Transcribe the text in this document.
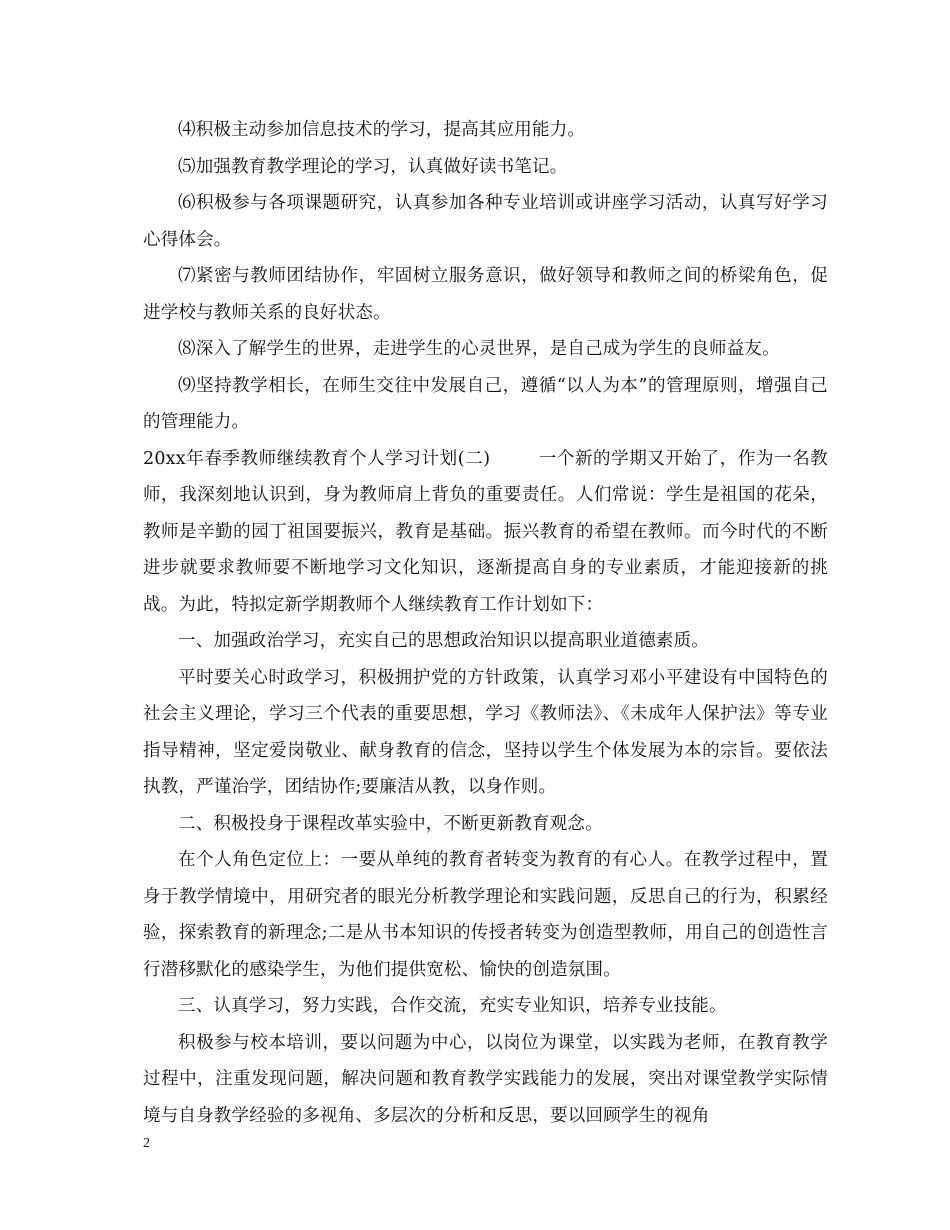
⑷积极主动参加信息技术的学习，提高其应用能力。

⑸加强教育教学理论的学习，认真做好读书笔记。

⑹积极参与各项课题研究，认真参加各种专业培训或讲座学习活动，认真写好学习心得体会。

⑺紧密与教师团结协作，牢固树立服务意识，做好领导和教师之间的桥梁角色，促进学校与教师关系的良好状态。

⑻深入了解学生的世界，走进学生的心灵世界，是自己成为学生的良师益友。

⑼坚持教学相长，在师生交往中发展自己，遵循“以人为本”的管理原则，增强自己的管理能力。

20xx年春季教师继续教育个人学习计划(二)	一个新的学期又开始了，作为一名教师，我深刻地认识到，身为教师肩上背负的重要责任。人们常说：学生是祖国的花朵，教师是辛勤的园丁祖国要振兴，教育是基础。振兴教育的希望在教师。而今时代的不断进步就要求教师要不断地学习文化知识，逐渐提高自身的专业素质，才能迎接新的挑战。为此，特拟定新学期教师个人继续教育工作计划如下：

一、加强政治学习，充实自己的思想政治知识以提高职业道德素质。

平时要关心时政学习，积极拥护党的方针政策，认真学习邓小平建设有中国特色的社会主义理论，学习三个代表的重要思想，学习《教师法》、《未成年人保护法》等专业指导精神，坚定爱岗敬业、献身教育的信念，坚持以学生个体发展为本的宗旨。要依法执教，严谨治学，团结协作;要廉洁从教，以身作则。

二、积极投身于课程改革实验中，不断更新教育观念。

在个人角色定位上：一要从单纯的教育者转变为教育的有心人。在教学过程中，置身于教学情境中，用研究者的眼光分析教学理论和实践问题，反思自己的行为，积累经验，探索教育的新理念;二是从书本知识的传授者转变为创造型教师，用自己的创造性言行潜移默化的感染学生，为他们提供宽松、愉快的创造氛围。

三、认真学习，努力实践，合作交流，充实专业知识，培养专业技能。

积极参与校本培训，要以问题为中心，以岗位为课堂，以实践为老师，在教育教学过程中，注重发现问题，解决问题和教育教学实践能力的发展，突出对课堂教学实际情境与自身教学经验的多视角、多层次的分析和反思，要以回顾学生的视角

2
